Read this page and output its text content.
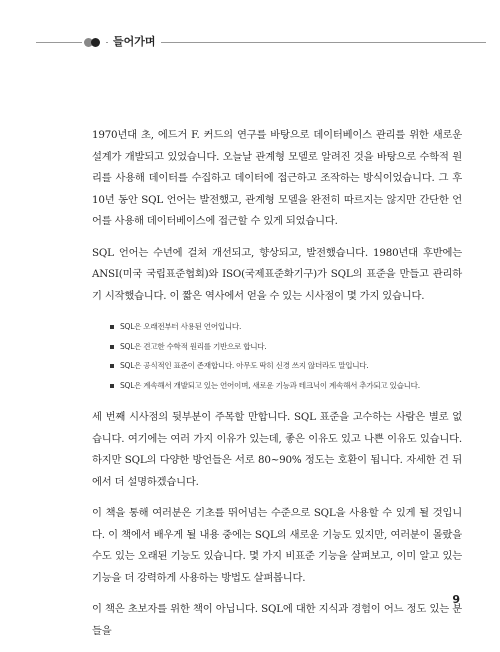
들어가며

1970년대 초, 에드거 F. 커드의 연구를 바탕으로 데이터베이스 관리를 위한 새로운 설계가 개발되고 있었습니다. 오늘날 관계형 모델로 알려진 것을 바탕으로 수학적 원리를 사용해 데이터를 수집하고 데이터에 접근하고 조작하는 방식이었습니다. 그 후 10년 동안 SQL 언어는 발전했고, 관계형 모델을 완전히 따르지는 않지만 간단한 언어를 사용해 데이터베이스에 접근할 수 있게 되었습니다.

SQL 언어는 수년에 걸쳐 개선되고, 향상되고, 발전했습니다. 1980년대 후반에는 ANSI(미국 국립표준협회)와 ISO(국제표준화기구)가 SQL의 표준을 만들고 관리하기 시작했습니다. 이 짧은 역사에서 얻을 수 있는 시사점이 몇 가지 있습니다.

SQL은 오래전부터 사용된 언어입니다.
SQL은 견고한 수학적 원리를 기반으로 합니다.
SQL은 공식적인 표준이 존재합니다. 아무도 딱히 신경 쓰지 않더라도 말입니다.
SQL은 계속해서 개발되고 있는 언어이며, 새로운 기능과 테크닉이 계속해서 추가되고 있습니다.

세 번째 시사점의 뒷부분이 주목할 만합니다. SQL 표준을 고수하는 사람은 별로 없습니다. 여기에는 여러 가지 이유가 있는데, 좋은 이유도 있고 나쁜 이유도 있습니다. 하지만 SQL의 다양한 방언들은 서로 80~90% 정도는 호환이 됩니다. 자세한 건 뒤에서 더 설명하겠습니다.

이 책을 통해 여러분은 기초를 뛰어넘는 수준으로 SQL을 사용할 수 있게 될 것입니다. 이 책에서 배우게 될 내용 중에는 SQL의 새로운 기능도 있지만, 여러분이 몰랐을 수도 있는 오래된 기능도 있습니다. 몇 가지 비표준 기능을 살펴보고, 이미 알고 있는 기능을 더 강력하게 사용하는 방법도 살펴봅니다.

이 책은 초보자를 위한 책이 아닙니다. SQL에 대한 지식과 경험이 어느 정도 있는 분들을

9
